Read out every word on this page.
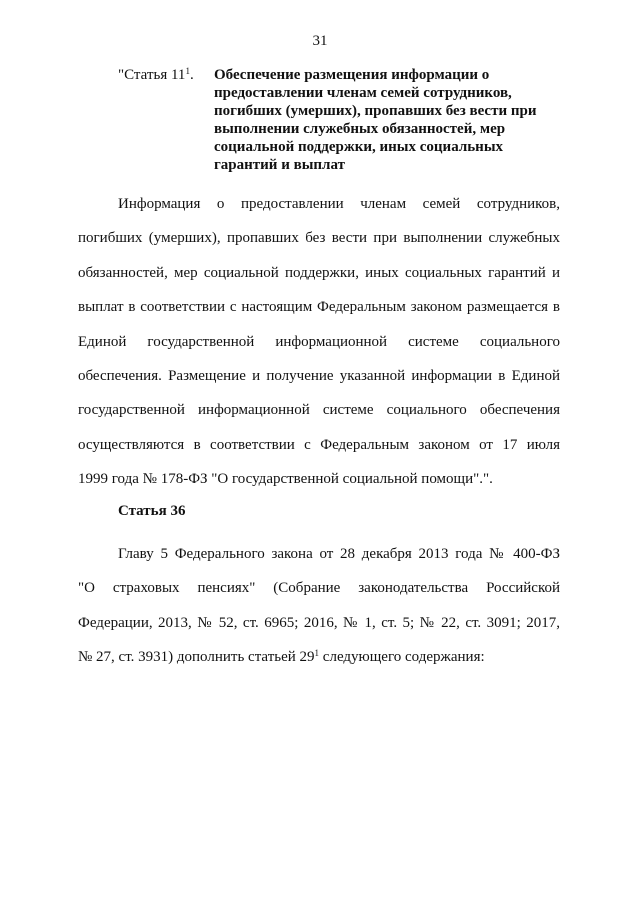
31
"Статья $11^1$.	Обеспечение размещения информации о
предоставлении членам семей сотрудников,
погибших (умерших), пропавших без вести при
выполнении служебных обязанностей, мер
социальной поддержки, иных социальных
гарантий и выплат
Информация о предоставлении членам семей сотрудников,
погибших (умерших), пропавших без вести при выполнении служебных
обязанностей, мер социальной поддержки, иных социальных гарантий и
выплат в соответствии с настоящим Федеральным законом размещается в
Единой государственной информационной системе социального
обеспечения. Размещение и получение указанной информации в Единой
государственной информационной системе социального обеспечения
осуществляются в соответствии с Федеральным законом от 17 июля
1999 года № 178-ФЗ "О государственной социальной помощи".".
Статья 36
Главу 5 Федерального закона от 28 декабря 2013 года № 400-ФЗ
"О страховых пенсиях" (Собрание законодательства Российской
Федерации, 2013, № 52, ст. 6965; 2016, № 1, ст. 5; № 22, ст. 3091; 2017,
№ 27, ст. 3931) дополнить статьей $29^1$ следующего содержания:
